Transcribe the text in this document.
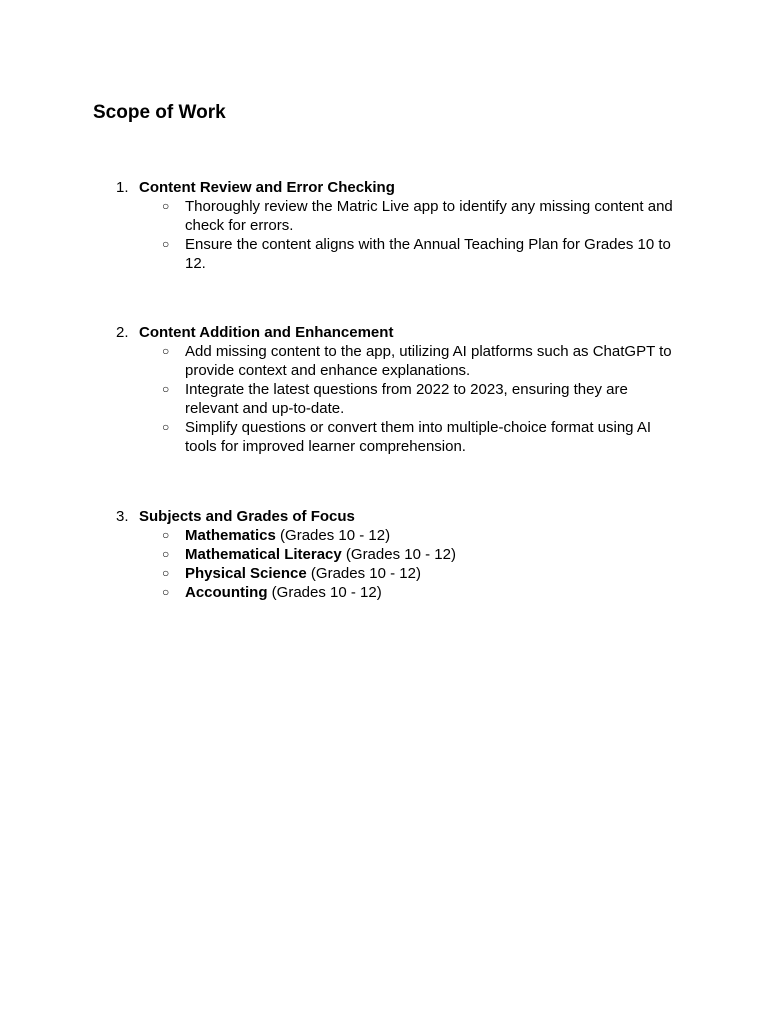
Scope of Work
1. Content Review and Error Checking
○ Thoroughly review the Matric Live app to identify any missing content and check for errors.
○ Ensure the content aligns with the Annual Teaching Plan for Grades 10 to 12.
2. Content Addition and Enhancement
○ Add missing content to the app, utilizing AI platforms such as ChatGPT to provide context and enhance explanations.
○ Integrate the latest questions from 2022 to 2023, ensuring they are relevant and up-to-date.
○ Simplify questions or convert them into multiple-choice format using AI tools for improved learner comprehension.
3. Subjects and Grades of Focus
○ Mathematics (Grades 10 - 12)
○ Mathematical Literacy (Grades 10 - 12)
○ Physical Science (Grades 10 - 12)
○ Accounting (Grades 10 - 12)
